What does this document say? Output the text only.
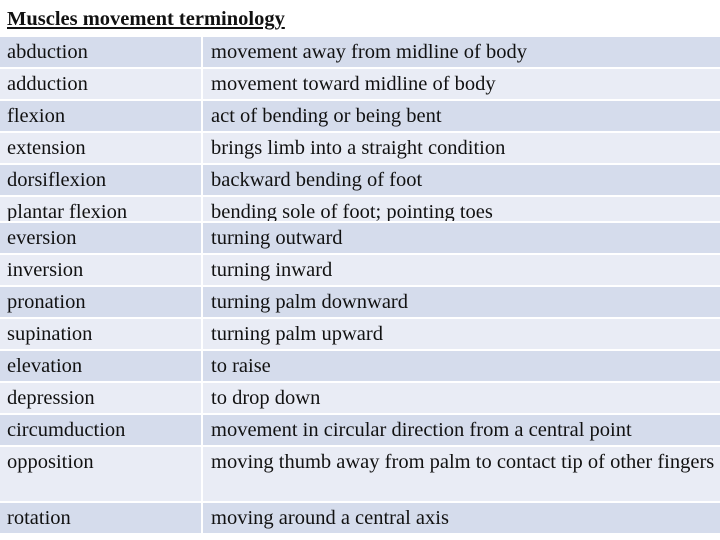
Muscles movement terminology
abduction	movement away from midline of body
adduction	movement toward midline of body
flexion	act of bending or being bent
extension	brings limb into a straight condition
dorsiflexion	backward bending of foot
plantar flexion	bending sole of foot; pointing toes
eversion	turning outward
inversion	turning inward
pronation	turning palm downward
supination	turning palm upward
elevation	to raise
depression	to drop down
circumduction	movement in circular direction from a central point
opposition	moving thumb away from palm to contact tip of other fingers
rotation	moving around a central axis
